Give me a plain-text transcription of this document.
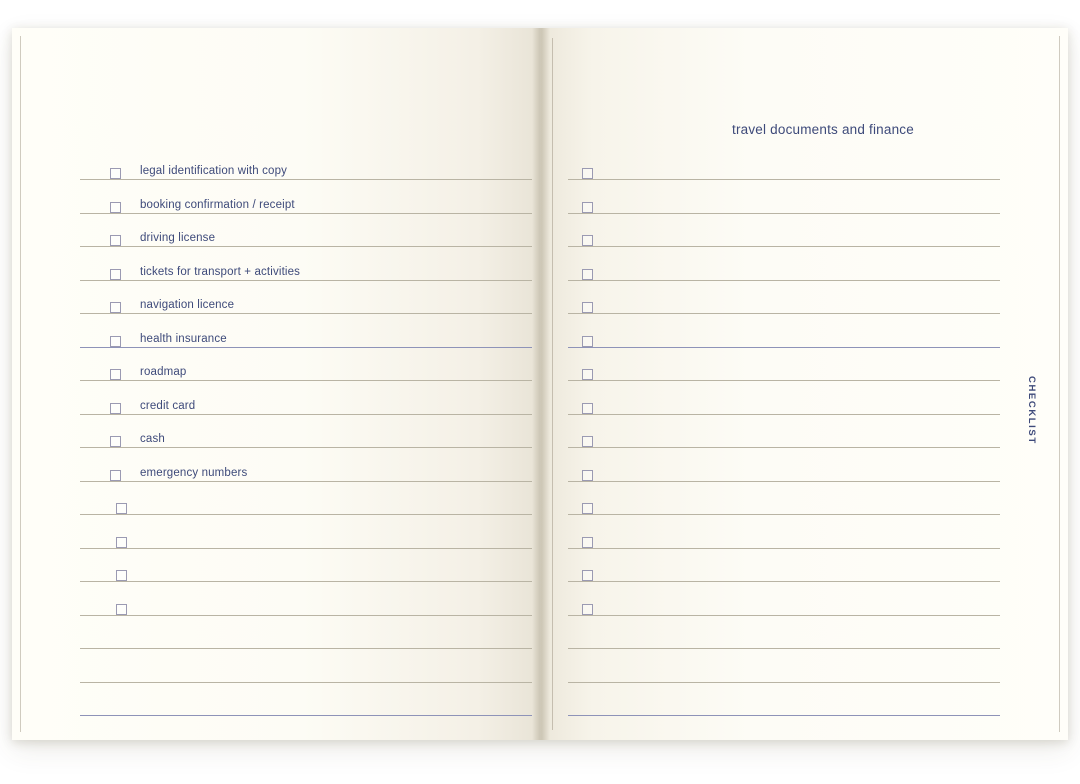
travel documents and finance
CHECKLIST
legal identification with copy
booking confirmation / receipt
driving license
tickets for transport + activities
navigation licence
health insurance
roadmap
credit card
cash
emergency numbers
